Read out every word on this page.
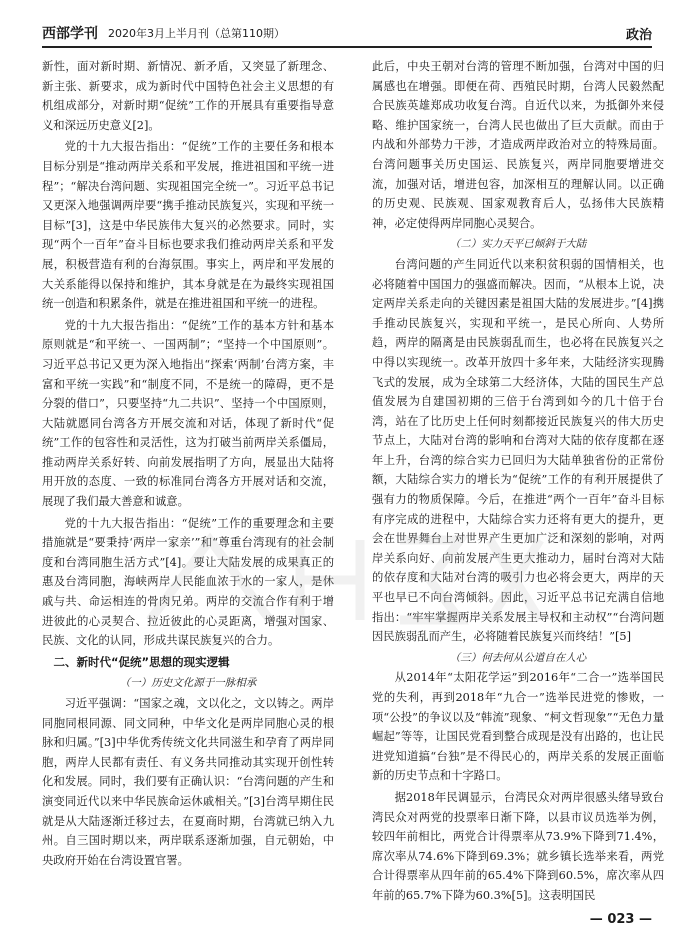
西部学刊 2020年3月上半月刊（总第110期）	政治

新性，面对新时期、新情况、新矛盾，又突显了新理念、新主张、新要求，成为新时代中国特色社会主义思想的有机组成部分，对新时期“促统”工作的开展具有重要指导意义和深远历史意义[2]。

党的十九大报告指出：“促统”工作的主要任务和根本目标分别是“推动两岸关系和平发展，推进祖国和平统一进程”；“解决台湾问题、实现祖国完全统一”。习近平总书记又更深入地强调两岸要“携手推动民族复兴，实现和平统一目标”[3]，这是中华民族伟大复兴的必然要求。同时，实现“两个一百年”奋斗目标也要求我们推动两岸关系和平发展，积极营造有利的台海氛围。事实上，两岸和平发展的大关系能得以保持和维护，其本身就是在为最终实现祖国统一创造和积累条件，就是在推进祖国和平统一的进程。

党的十九大报告指出：“促统”工作的基本方针和基本原则就是“和平统一、一国两制”；“坚持一个中国原则”。习近平总书记又更为深入地指出“探索‘两制’台湾方案，丰富和平统一实践”和“制度不同，不是统一的障碍，更不是分裂的借口”，只要坚持“九二共识”、坚持一个中国原则，大陆就愿同台湾各方开展交流和对话，体现了新时代“促统”工作的包容性和灵活性，这为打破当前两岸关系僵局，推动两岸关系好转、向前发展指明了方向，展显出大陆将用开放的态度、一致的标准同台湾各方开展对话和交流，展现了我们最大善意和诚意。

党的十九大报告指出：“促统”工作的重要理念和主要措施就是“要秉持‘两岸一家亲’”和“尊重台湾现有的社会制度和台湾同胞生活方式”[4]。要让大陆发展的成果真正的惠及台湾同胞，海峡两岸人民能血浓于水的一家人，是休戚与共、命运相连的骨肉兄弟。两岸的交流合作有利于增进彼此的心灵契合、拉近彼此的心灵距离，增强对国家、民族、文化的认同，形成共谋民族复兴的合力。

二、新时代“促统”思想的现实逻辑
（一）历史文化源于一脉相承

习近平强调：“国家之魂，文以化之，文以铸之。两岸同胞同根同源、同文同种，中华文化是两岸同胞心灵的根脉和归属。”[3]中华优秀传统文化共同滋生和孕育了两岸同胞，两岸人民都有责任、有义务共同推动其实现开创性转化和发展。同时，我们要有正确认识：“台湾问题的产生和演变同近代以来中华民族命运休戚相关。”[3]台湾早期住民就是从大陆逐渐迁移过去，在夏商时期，台湾就已纳入九州。自三国时期以来，两岸联系逐渐加强，自元朝始，中央政府开始在台湾设置官署。

此后，中央王朝对台湾的管理不断加强，台湾对中国的归属感也在增强。即便在荷、西殖民时期，台湾人民毅然配合民族英雄郑成功收复台湾。自近代以来，为抵御外来侵略、维护国家统一，台湾人民也做出了巨大贡献。而由于内战和外部势力干涉，才造成两岸政治对立的特殊局面。台湾问题事关历史国运、民族复兴，两岸同胞要增进交流，加强对话，增进包容，加深相互的理解认同。以正确的历史观、民族观、国家观教育后人，弘扬伟大民族精神，必定使得两岸同胞心灵契合。

（二）实力天平已倾斜于大陆

台湾问题的产生同近代以来积贫积弱的国情相关，也必将随着中国国力的强盛而解决。因而，“从根本上说，决定两岸关系走向的关键因素是祖国大陆的发展进步。”[4]携手推动民族复兴，实现和平统一，是民心所向、人势所趋，两岸的隔离是由民族弱乱而生，也必将在民族复兴之中得以实现统一。改革开放四十多年来，大陆经济实现腾飞式的发展，成为全球第二大经济体，大陆的国民生产总值发展为自建国初期的三倍于台湾到如今的几十倍于台湾，站在了比历史上任何时刻都接近民族复兴的伟大历史节点上，大陆对台湾的影响和台湾对大陆的依存度都在逐年上升，台湾的综合实力已回归为大陆单独省份的正常份额，大陆综合实力的增长为“促统”工作的有利开展提供了强有力的物质保障。今后，在推进“两个一百年”奋斗目标有序完成的进程中，大陆综合实力还将有更大的提升，更会在世界舞台上对世界产生更加广泛和深刻的影响，对两岸关系向好、向前发展产生更大推动力，届时台湾对大陆的依存度和大陆对台湾的吸引力也必将会更大，两岸的天平也早已不向台湾倾斜。因此，习近平总书记充满自信地指出：“牢牢掌握两岸关系发展主导权和主动权”“台湾问题因民族弱乱而产生，必将随着民族复兴而终结！”[5]

（三）何去何从公道自在人心

从2014年“太阳花学运”到2016年“二合一”选举国民党的失利，再到2018年“九合一”选举民进党的惨败，一项“公投”的争议以及“韩流”现象、“柯文哲现象”“无色力量崛起”等等，让国民党看到整合成现是没有出路的，也让民进党知道搞“台独”是不得民心的，两岸关系的发展正面临新的历史节点和十字路口。

据2018年民调显示，台湾民众对两岸很感头绪导致台湾民众对两党的投票率日渐下降，以县市议员选举为例，较四年前相比，两党合计得票率从73.9%下降到71.4%，席次率从74.6%下降到69.3%；就乡镇长选举来看，两党合计得票率从四年前的65.4%下降到60.5%，席次率从四年前的65.7%下降为60.3%[5]。这表明国民

— 023 —
